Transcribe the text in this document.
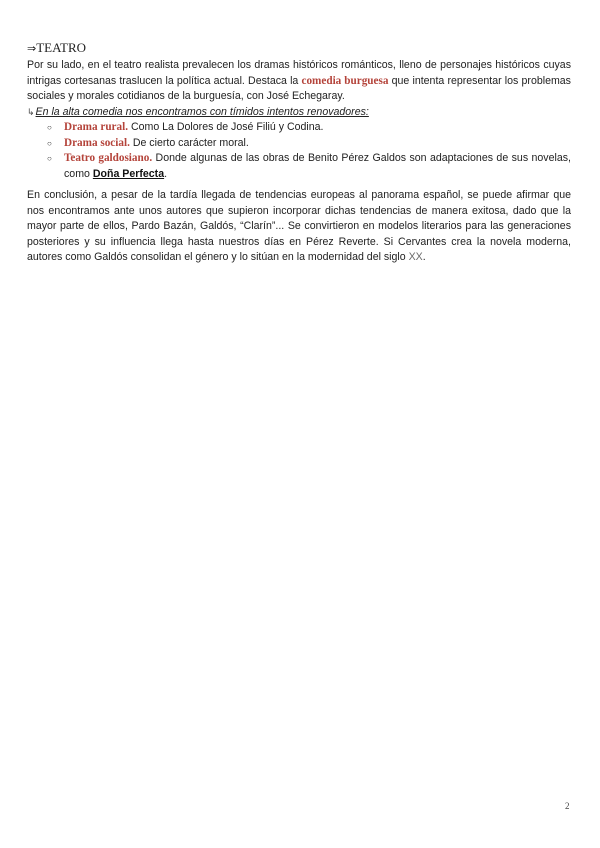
⇒TEATRO

Por su lado, en el teatro realista prevalecen los dramas históricos románticos, lleno de personajes históricos cuyas intrigas cortesanas traslucen la política actual. Destaca la comedia burguesa que intenta representar los problemas sociales y morales cotidianos de la burguesía, con José Echegaray.

↳En la alta comedia nos encontramos con tímidos intentos renovadores:

○ Drama rural. Como La Dolores de José Filiú y Codina.
○ Drama social. De cierto carácter moral.
○ Teatro galdosiano. Donde algunas de las obras de Benito Pérez Galdos son adaptaciones de sus novelas, como Doña Perfecta.

En conclusión, a pesar de la tardía llegada de tendencias europeas al panorama español, se puede afirmar que nos encontramos ante unos autores que supieron incorporar dichas tendencias de manera exitosa, dado que la mayor parte de ellos, Pardo Bazán, Galdós, “Clarín”... Se convirtieron en modelos literarios para las generaciones posteriores y su influencia llega hasta nuestros días en Pérez Reverte. Si Cervantes crea la novela moderna, autores como Galdós consolidan el género y lo sitúan en la modernidad del siglo XX.

2
